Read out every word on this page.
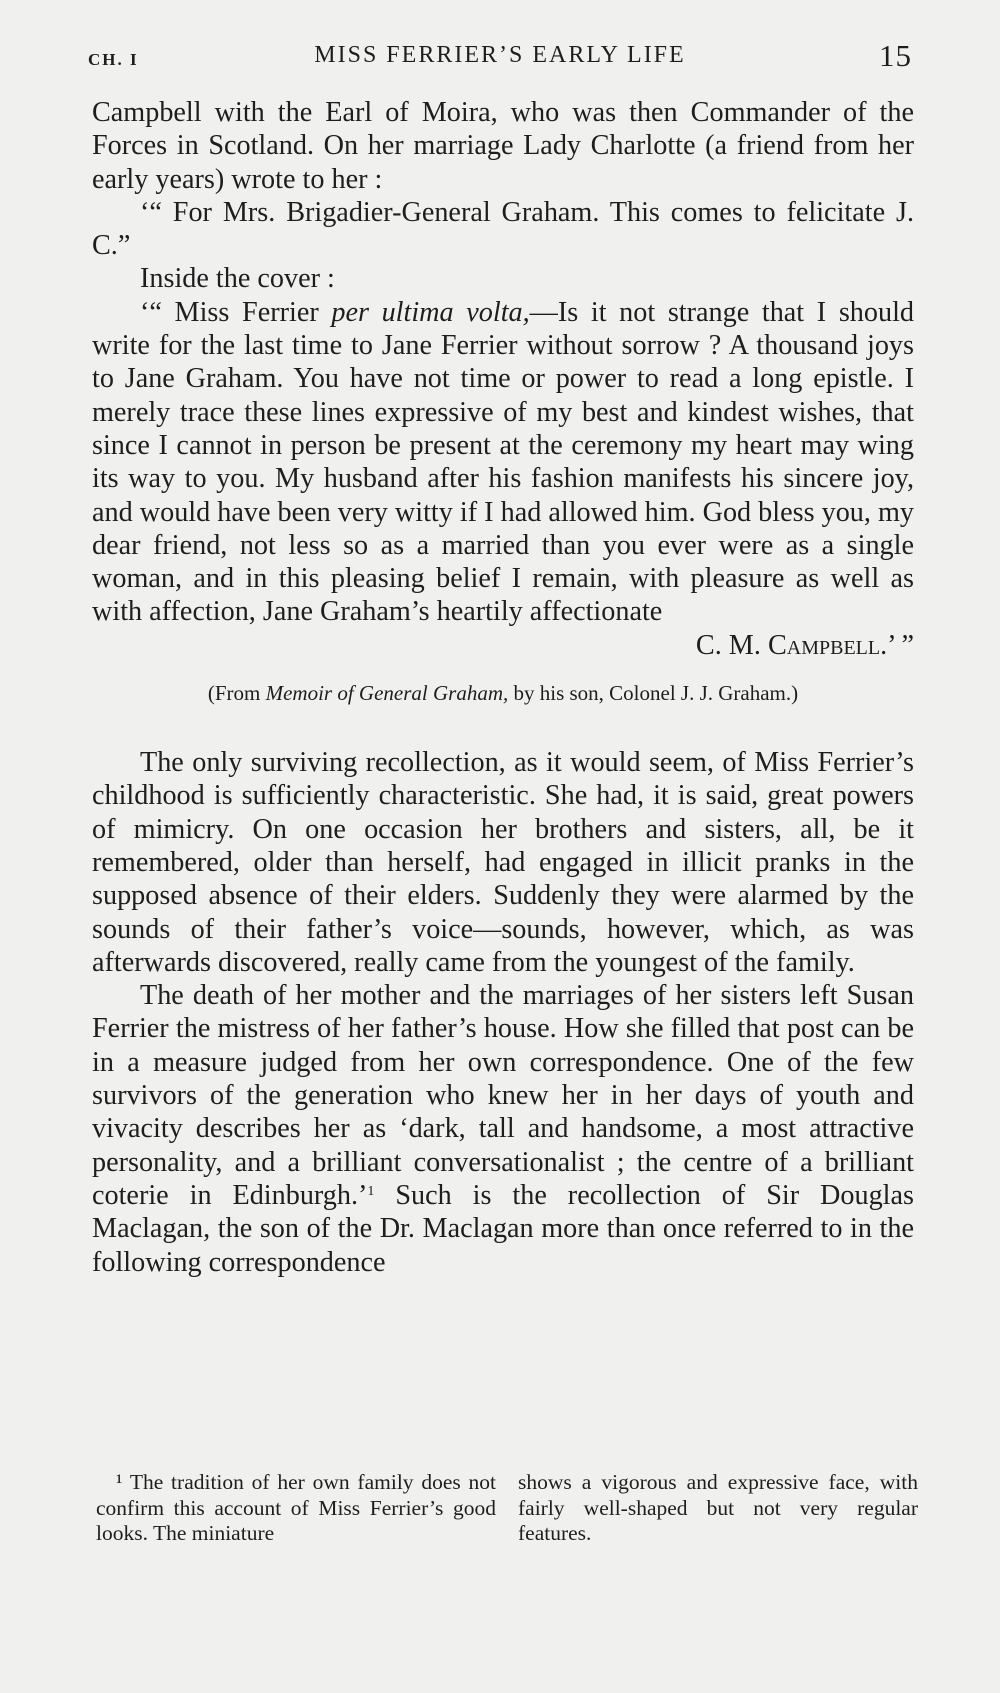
CH. I	MISS FERRIER’S EARLY LIFE	15

Campbell with the Earl of Moira, who was then Commander of the Forces in Scotland. On her marriage Lady Charlotte (a friend from her early years) wrote to her :

‘“ For Mrs. Brigadier-General Graham. This comes to felicitate J. C.”

Inside the cover :

‘“ Miss Ferrier per ultima volta,—Is it not strange that I should write for the last time to Jane Ferrier without sorrow ? A thousand joys to Jane Graham. You have not time or power to read a long epistle. I merely trace these lines expressive of my best and kindest wishes, that since I cannot in person be present at the ceremony my heart may wing its way to you. My husband after his fashion manifests his sincere joy, and would have been very witty if I had allowed him. God bless you, my dear friend, not less so as a married than you ever were as a single woman, and in this pleasing belief I remain, with pleasure as well as with affection, Jane Graham’s heartily affectionate

C. M. Campbell.’ ”

(From Memoir of General Graham, by his son, Colonel J. J. Graham.)

The only surviving recollection, as it would seem, of Miss Ferrier’s childhood is sufficiently characteristic. She had, it is said, great powers of mimicry. On one occasion her brothers and sisters, all, be it remembered, older than herself, had engaged in illicit pranks in the supposed absence of their elders. Suddenly they were alarmed by the sounds of their father’s voice—sounds, however, which, as was afterwards discovered, really came from the youngest of the family.

The death of her mother and the marriages of her sisters left Susan Ferrier the mistress of her father’s house. How she filled that post can be in a measure judged from her own correspondence. One of the few survivors of the generation who knew her in her days of youth and vivacity describes her as ‘dark, tall and handsome, a most attractive personality, and a brilliant conversationalist ; the centre of a brilliant coterie in Edinburgh.’$^1$ Such is the recollection of Sir Douglas Maclagan, the son of the Dr. Maclagan more than once referred to in the following correspondence

¹ The tradition of her own family does not confirm this account of Miss Ferrier’s good looks. The miniature

shows a vigorous and expressive face, with fairly well-shaped but not very regular features.
